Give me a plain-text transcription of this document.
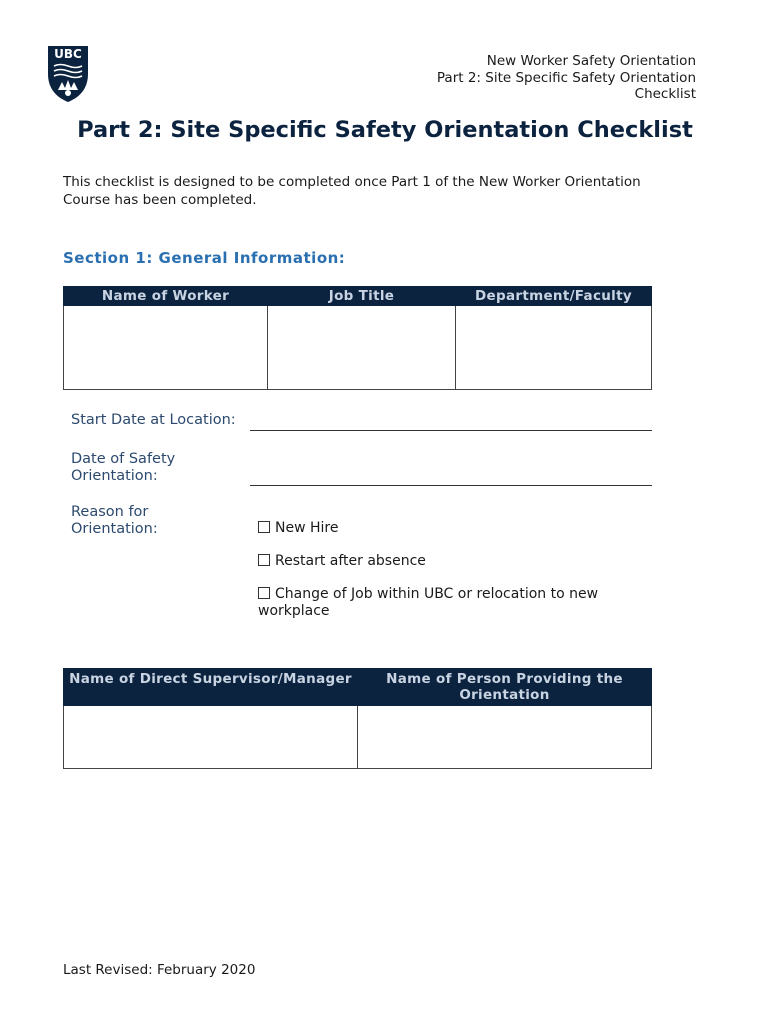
UBC	New Worker Safety Orientation
Part 2: Site Specific Safety Orientation
Checklist
Part 2: Site Specific Safety Orientation Checklist
This checklist is designed to be completed once Part 1 of the New Worker Orientation Course has been completed.
Section 1: General Information:
Name of Worker	Job Title	Department/Faculty

Start Date at Location:
Date of Safety
Orientation:
Reason for
Orientation:	New Hire
Restart after absence
Change of Job within UBC or relocation to new
workplace
Name of Direct Supervisor/Manager	Name of Person Providing the
Orientation

Last Revised: February 2020
